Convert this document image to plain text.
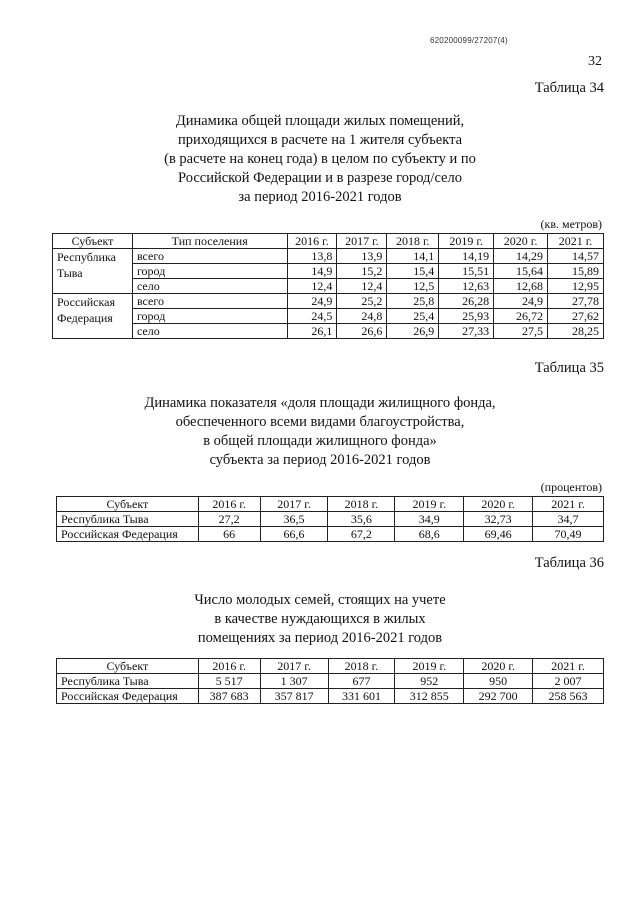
620200099/27207(4)
32
Таблица 34
Динамика общей площади жилых помещений,
приходящихся в расчете на 1 жителя субъекта
(в расчете на конец года) в целом по субъекту и по
Российской Федерации и в разрезе город/село
за период 2016-2021 годов
(кв. метров)
Субъект	Тип поселения	2016 г.	2017 г.	2018 г.	2019 г.	2020 г.	2021 г.
Республика
Тыва	всего	13,8	13,9	14,1	14,19	14,29	14,57
	город	14,9	15,2	15,4	15,51	15,64	15,89
	село	12,4	12,4	12,5	12,63	12,68	12,95
Российская
Федерация	всего	24,9	25,2	25,8	26,28	24,9	27,78
	город	24,5	24,8	25,4	25,93	26,72	27,62
	село	26,1	26,6	26,9	27,33	27,5	28,25
Таблица 35
Динамика показателя «доля площади жилищного фонда,
обеспеченного всеми видами благоустройства,
в общей площади жилищного фонда»
субъекта за период 2016-2021 годов
(процентов)
Субъект	2016 г.	2017 г.	2018 г.	2019 г.	2020 г.	2021 г.
Республика Тыва	27,2	36,5	35,6	34,9	32,73	34,7
Российская Федерация	66	66,6	67,2	68,6	69,46	70,49
Таблица 36
Число молодых семей, стоящих на учете
в качестве нуждающихся в жилых
помещениях за период 2016-2021 годов
Субъект	2016 г.	2017 г.	2018 г.	2019 г.	2020 г.	2021 г.
Республика Тыва	5 517	1 307	677	952	950	2 007
Российская Федерация	387 683	357 817	331 601	312 855	292 700	258 563
